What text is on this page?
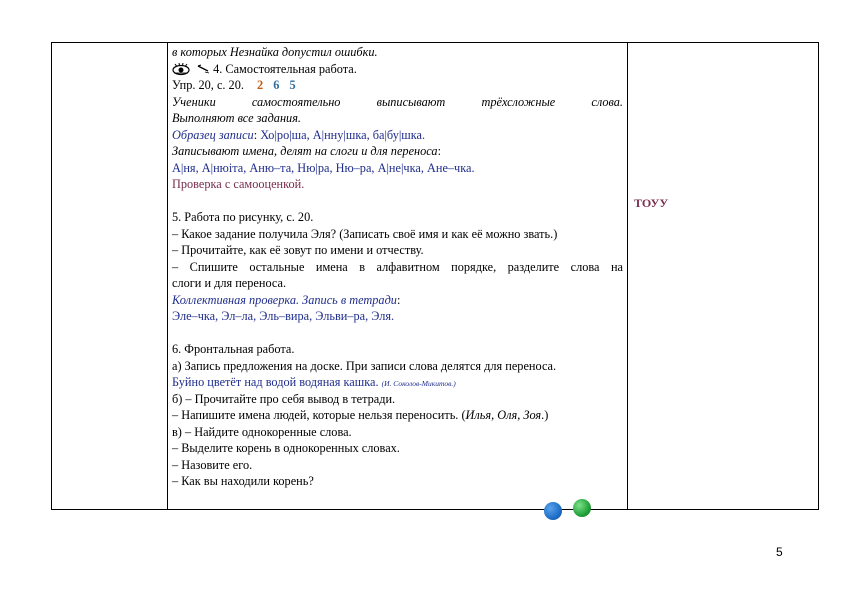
в которых Незнайка допустил ошибки.
4. Самостоятельная работа.
Упр. 20, с. 20. 2 6 5
Ученики	самостоятельно	выписывают	трёхсложные	слова.
Выполняют все задания.
Образец записи: Хо|ро|ша, А|нну|шка, ба|бу|шка.
Записывают имена, делят на слоги и для переноса:
А|ня, А|нюіта, Аню–та, Ню|ра, Ню–ра, А|не|чка, Ане–чка.
Проверка с самооценкой.
5. Работа по рисунку, с. 20.
– Какое задание получила Эля? (Записать своё имя и как её можно звать.)
– Прочитайте, как её зовут по имени и отчеству.
– Спишите остальные имена в алфавитном порядке, разделите слова на
слоги и для переноса.
Коллективная проверка. Запись в тетради:
Эле–чка, Эл–ла, Эль–вира, Эльви–ра, Эля.
6. Фронтальная работа.
а) Запись предложения на доске. При записи слова делятся для переноса.
Буйно цветёт над водой водяная кашка. (И. Соколов-Микитов.)
б) – Прочитайте про себя вывод в тетради.
– Напишите имена людей, которые нельзя переносить. (Илья, Оля, Зоя.)
в) – Найдите однокоренные слова.
– Выделите корень в однокоренных словах.
– Назовите его.
– Как вы находили корень?
ТОУУ
5
